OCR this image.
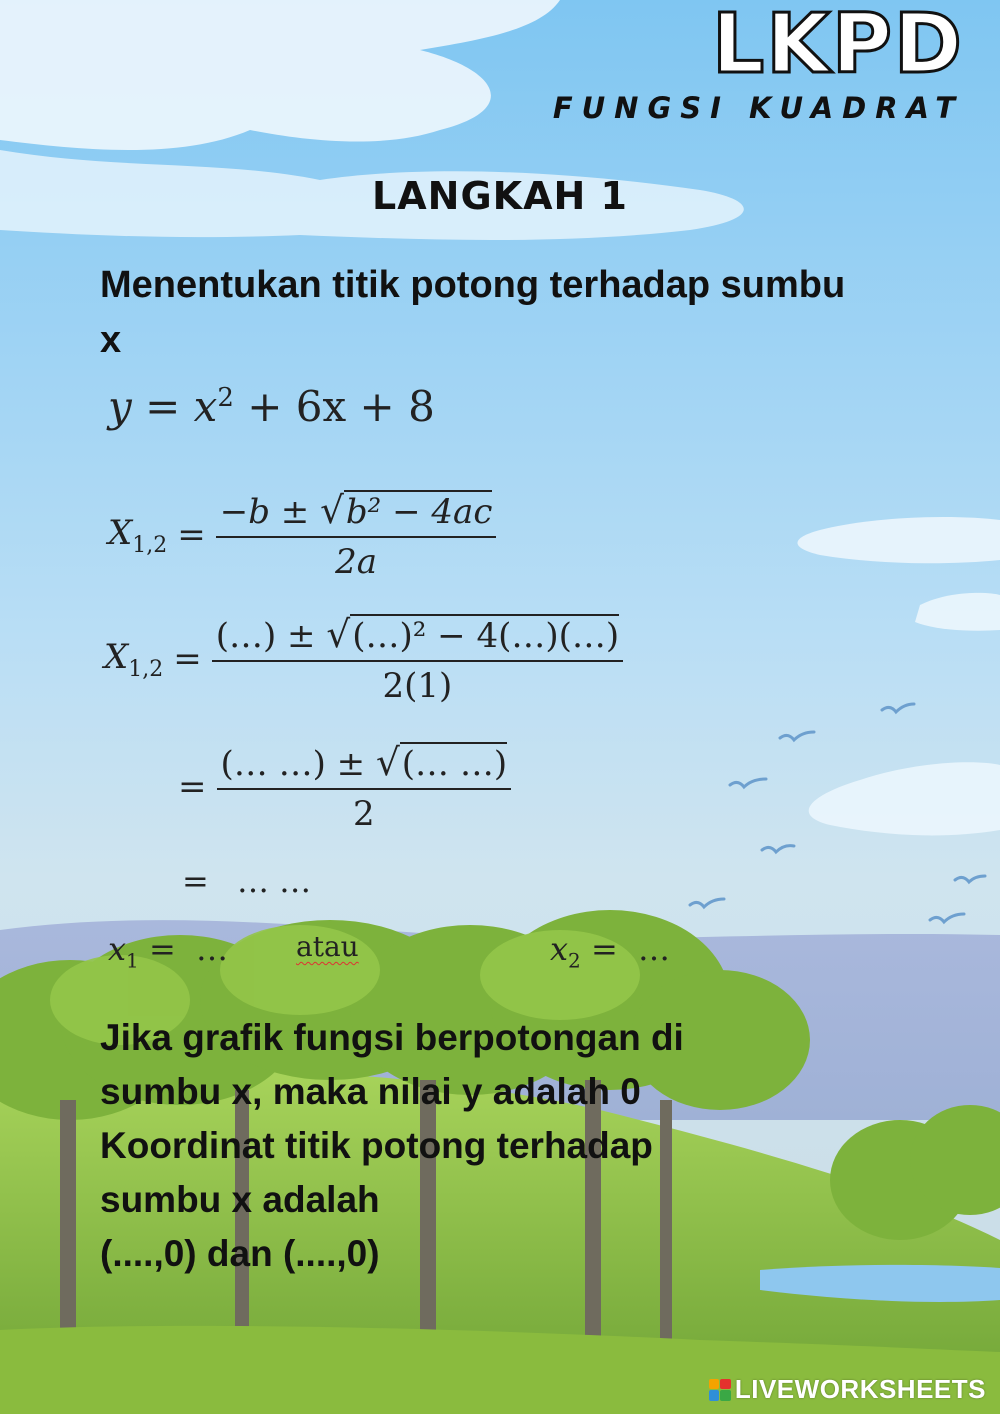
LKPD
FUNGSI KUADRAT
LANGKAH 1
Menentukan titik potong terhadap sumbu x
$y = x^2 + 6x + 8$
$X_{1,2} = \frac{\text{−b ± √b² − 4ac}}{2a}$
$X_{1,2} = \frac{\text{(…) ± √(…)² − 4(…)(…)}}{2(1)}$
= $\frac{(\dots \dots) \pm √(\dots \dots)}{2}$
= … …
$x_1$ = … atau	$x_2$ = …
Jika grafik fungsi berpotongan di
sumbu x, maka nilai y adalah 0
Koordinat titik potong terhadap
sumbu x adalah
(....,0) dan (....,0)
LIVEWORKSHEETS
